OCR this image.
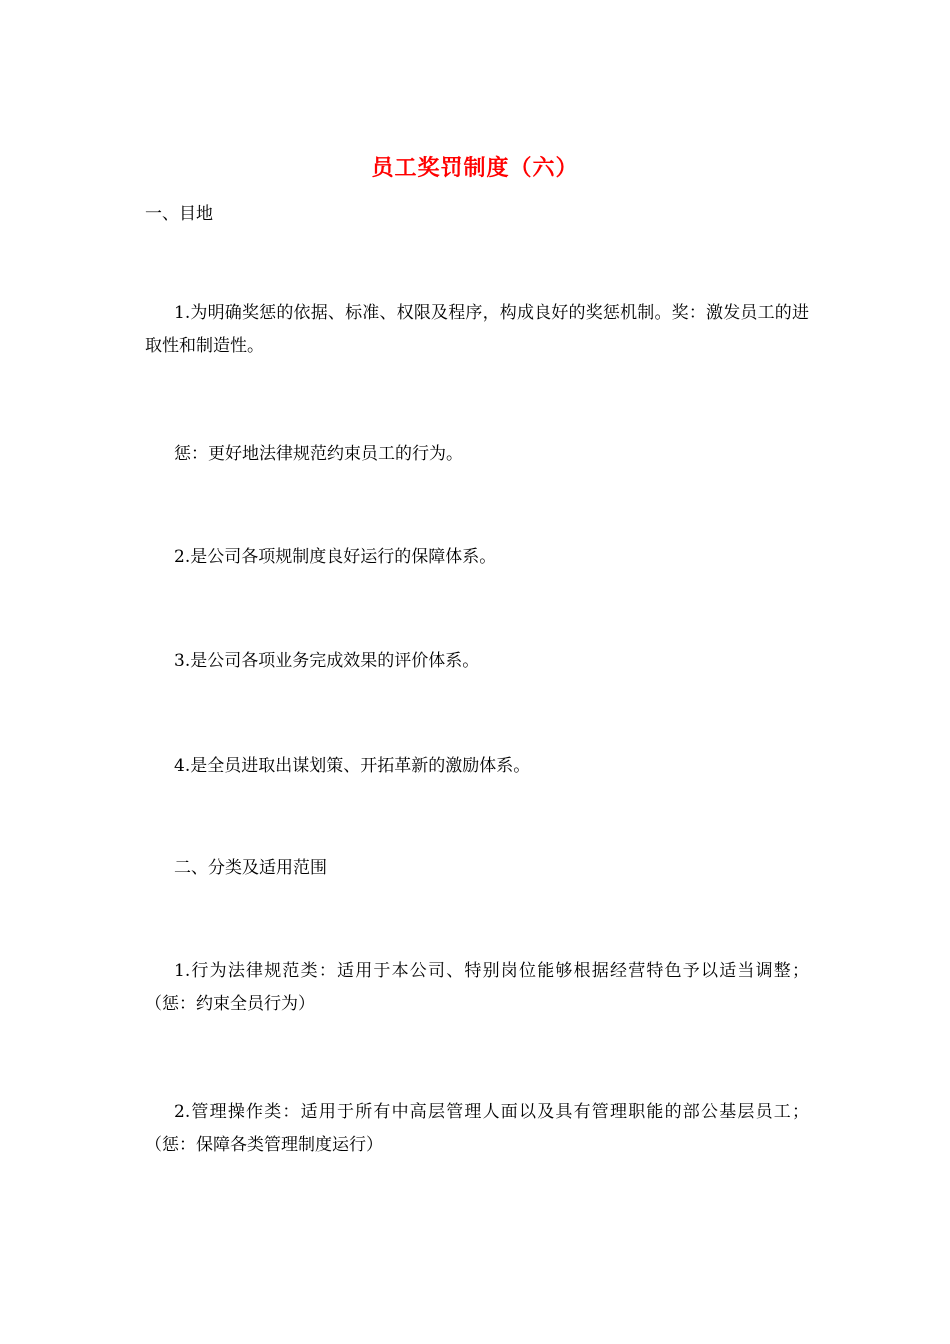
员工奖罚制度（六）

一、目地

1.为明确奖惩的依据、标准、权限及程序，构成良好的奖惩机制。奖：激发员工的进取性和制造性。

惩：更好地法律规范约束员工的行为。

2.是公司各项规制度良好运行的保障体系。

3.是公司各项业务完成效果的评价体系。

4.是全员进取出谋划策、开拓革新的激励体系。

二、分类及适用范围

1.行为法律规范类：适用于本公司、特别岗位能够根据经营特色予以适当调整；（惩：约束全员行为）

2.管理操作类：适用于所有中高层管理人面以及具有管理职能的部公基层员工；（惩：保障各类管理制度运行）
